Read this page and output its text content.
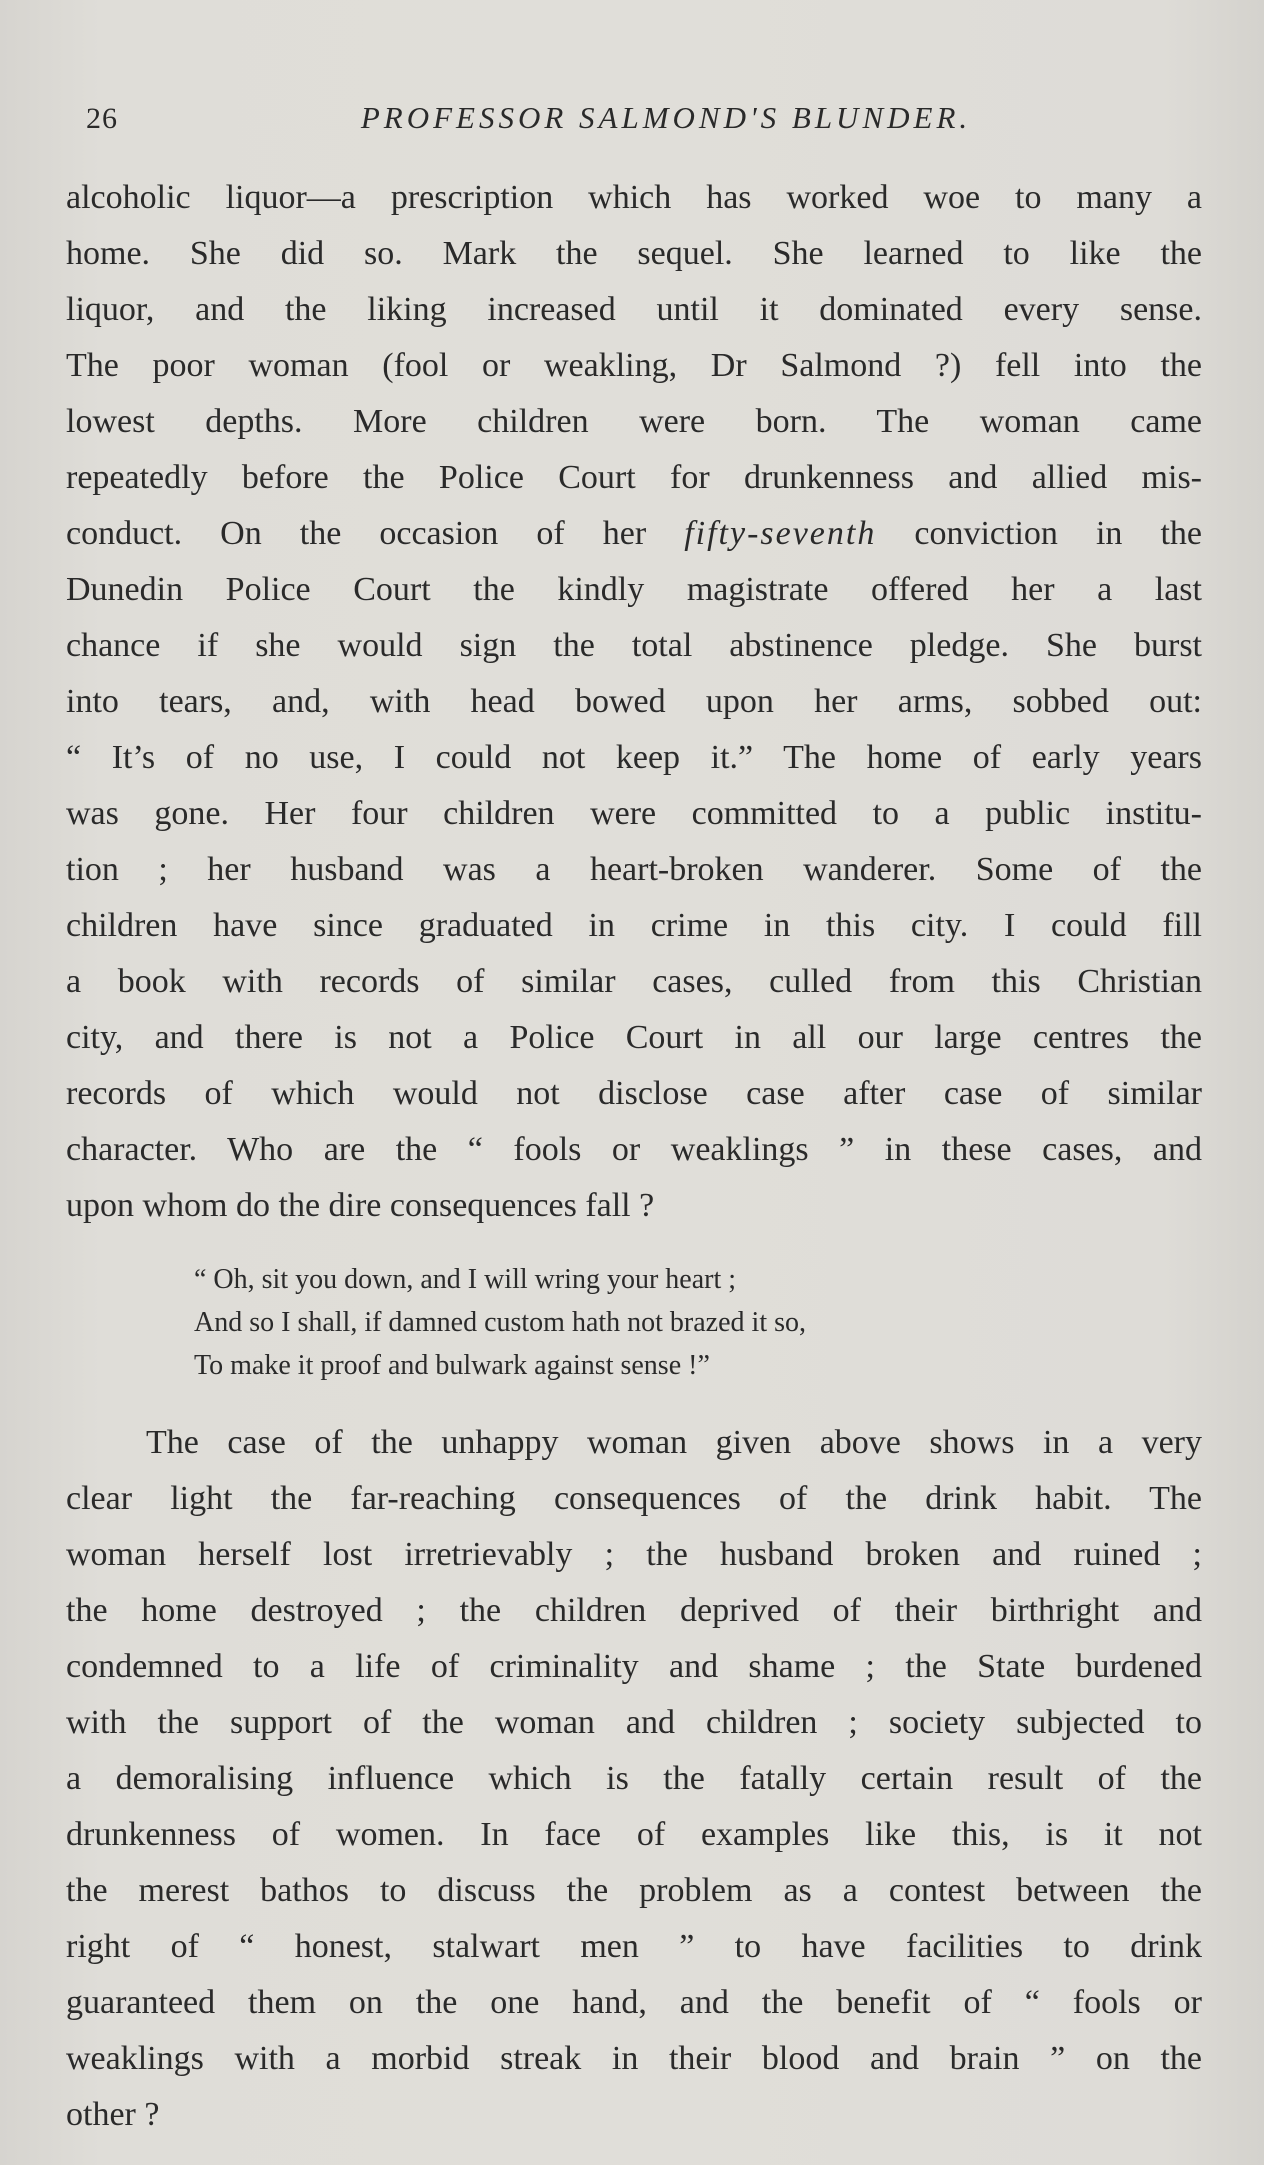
26	PROFESSOR SALMOND'S BLUNDER.
alcoholic liquor—a prescription which has worked woe to many a
home. She did so. Mark the sequel. She learned to like the
liquor, and the liking increased until it dominated every sense.
The poor woman (fool or weakling, Dr Salmond ?) fell into the
lowest depths. More children were born. The woman came
repeatedly before the Police Court for drunkenness and allied mis-
conduct. On the occasion of her fifty-seventh conviction in the
Dunedin Police Court the kindly magistrate offered her a last
chance if she would sign the total abstinence pledge. She burst
into tears, and, with head bowed upon her arms, sobbed out:
“ It’s of no use, I could not keep it.” The home of early years
was gone. Her four children were committed to a public institu-
tion ; her husband was a heart-broken wanderer. Some of the
children have since graduated in crime in this city. I could fill
a book with records of similar cases, culled from this Christian
city, and there is not a Police Court in all our large centres the
records of which would not disclose case after case of similar
character. Who are the “ fools or weaklings ” in these cases, and
upon whom do the dire consequences fall ?
“ Oh, sit you down, and I will wring your heart ;
And so I shall, if damned custom hath not brazed it so,
To make it proof and bulwark against sense !”
The case of the unhappy woman given above shows in a very
clear light the far-reaching consequences of the drink habit. The
woman herself lost irretrievably ; the husband broken and ruined ;
the home destroyed ; the children deprived of their birthright and
condemned to a life of criminality and shame ; the State burdened
with the support of the woman and children ; society subjected to
a demoralising influence which is the fatally certain result of the
drunkenness of women. In face of examples like this, is it not
the merest bathos to discuss the problem as a contest between the
right of “ honest, stalwart men ” to have facilities to drink
guaranteed them on the one hand, and the benefit of “ fools or
weaklings with a morbid streak in their blood and brain ” on the
other ?
